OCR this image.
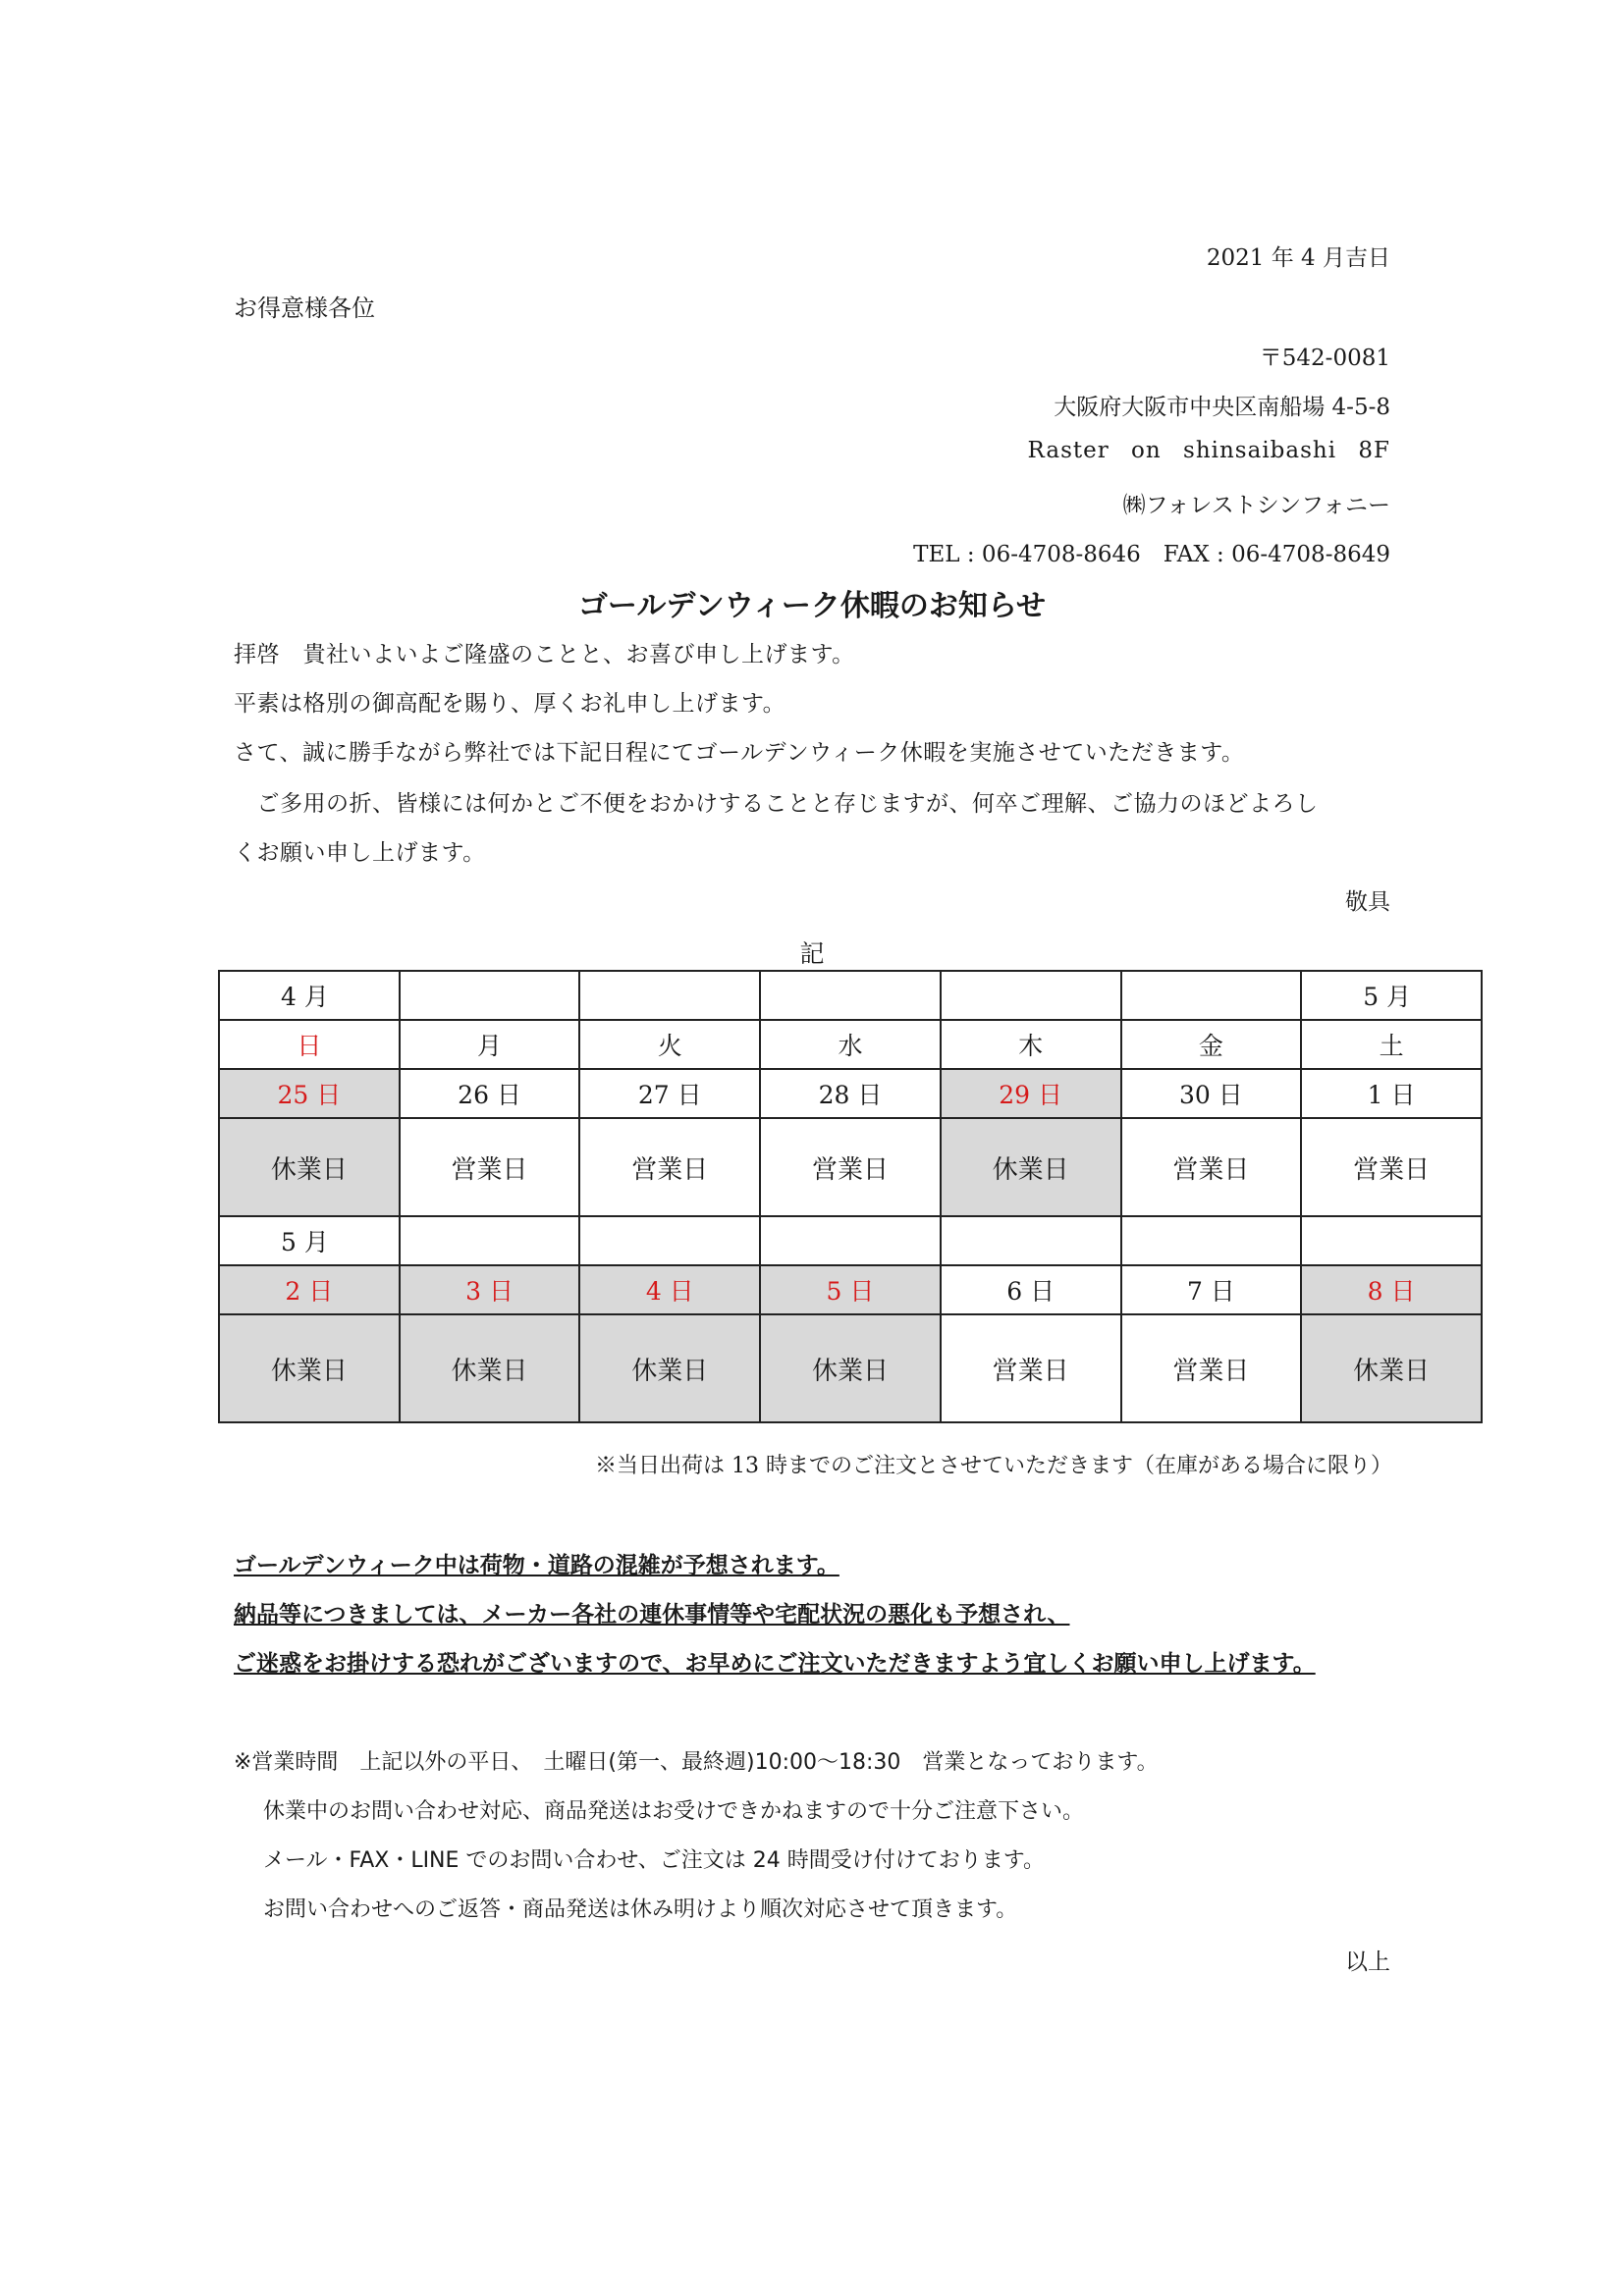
2021 年 4 月吉日
お得意様各位
〒542-0081
大阪府大阪市中央区南船場 4-5-8
Raster on shinsaibashi 8F
㈱フォレストシンフォニー
TEL : 06-4708-8646　FAX : 06-4708-8649
ゴールデンウィーク休暇のお知らせ
拝啓　貴社いよいよご隆盛のことと、お喜び申し上げます。
平素は格別の御高配を賜り、厚くお礼申し上げます。
さて、誠に勝手ながら弊社では下記日程にてゴールデンウィーク休暇を実施させていただきます。
　ご多用の折、皆様には何かとご不便をおかけすることと存じますが、何卒ご理解、ご協力のほどよろし
くお願い申し上げます。
敬具
記
4 月						5 月
日	月	火	水	木	金	土
25 日	26 日	27 日	28 日	29 日	30 日	1 日
休業日	営業日	営業日	営業日	休業日	営業日	営業日
5 月						
2 日	3 日	4 日	5 日	6 日	7 日	8 日
休業日	休業日	休業日	休業日	営業日	営業日	休業日
※当日出荷は 13 時までのご注文とさせていただきます（在庫がある場合に限り）
ゴールデンウィーク中は荷物・道路の混雑が予想されます。
納品等につきましては、メーカー各社の連休事情等や宅配状況の悪化も予想され、
ご迷惑をお掛けする恐れがございますので、お早めにご注文いただきますよう宜しくお願い申し上げます。
※営業時間　上記以外の平日、　土曜日(第一、最終週)10:00～18:30　営業となっております。
休業中のお問い合わせ対応、商品発送はお受けできかねますので十分ご注意下さい。
メール・FAX・LINE でのお問い合わせ、ご注文は 24 時間受け付けております。
お問い合わせへのご返答・商品発送は休み明けより順次対応させて頂きます。
以上
